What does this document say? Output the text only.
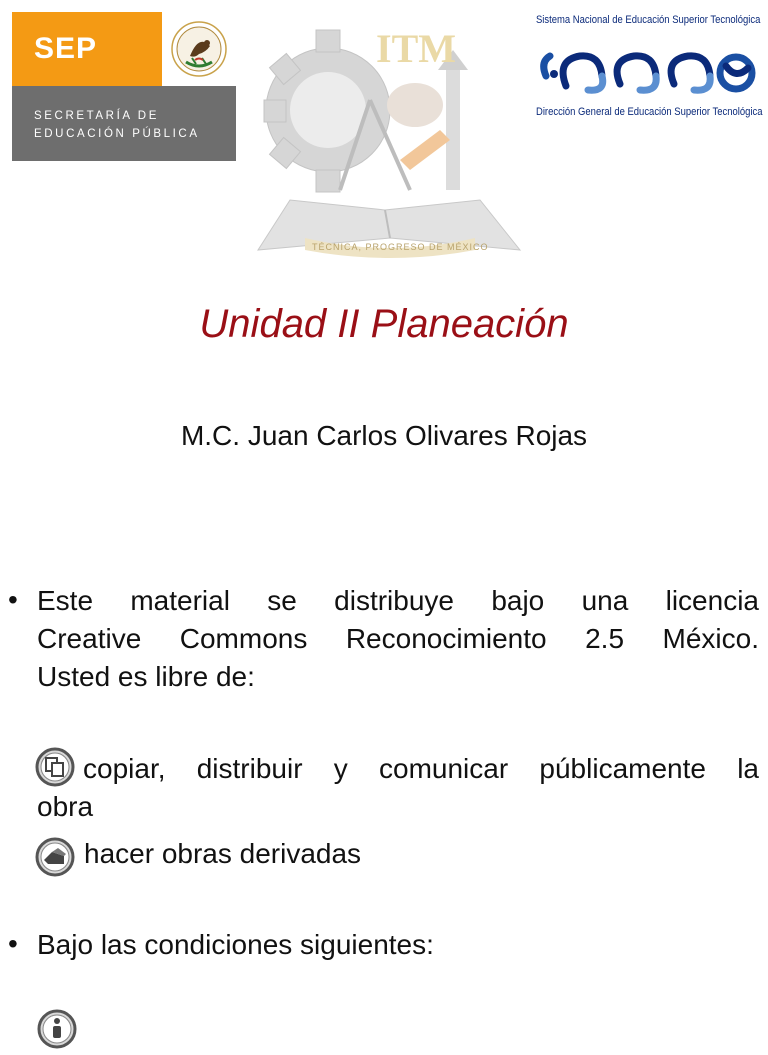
SEP
SECRETARÍA DE
EDUCACIÓN PÚBLICA
ITM
TÉCNICA, PROGRESO DE MÉXICO
Sistema Nacional de Educación Superior Tecnológica
Dirección General de Educación Superior Tecnológica
Unidad II Planeación
M.C. Juan Carlos Olivares Rojas
• Este material se distribuye bajo una licencia
Creative Commons Reconocimiento 2.5 México.
Usted es libre de:
copiar, distribuir y comunicar públicamente la
obra
hacer obras derivadas
• Bajo las condiciones siguientes:
